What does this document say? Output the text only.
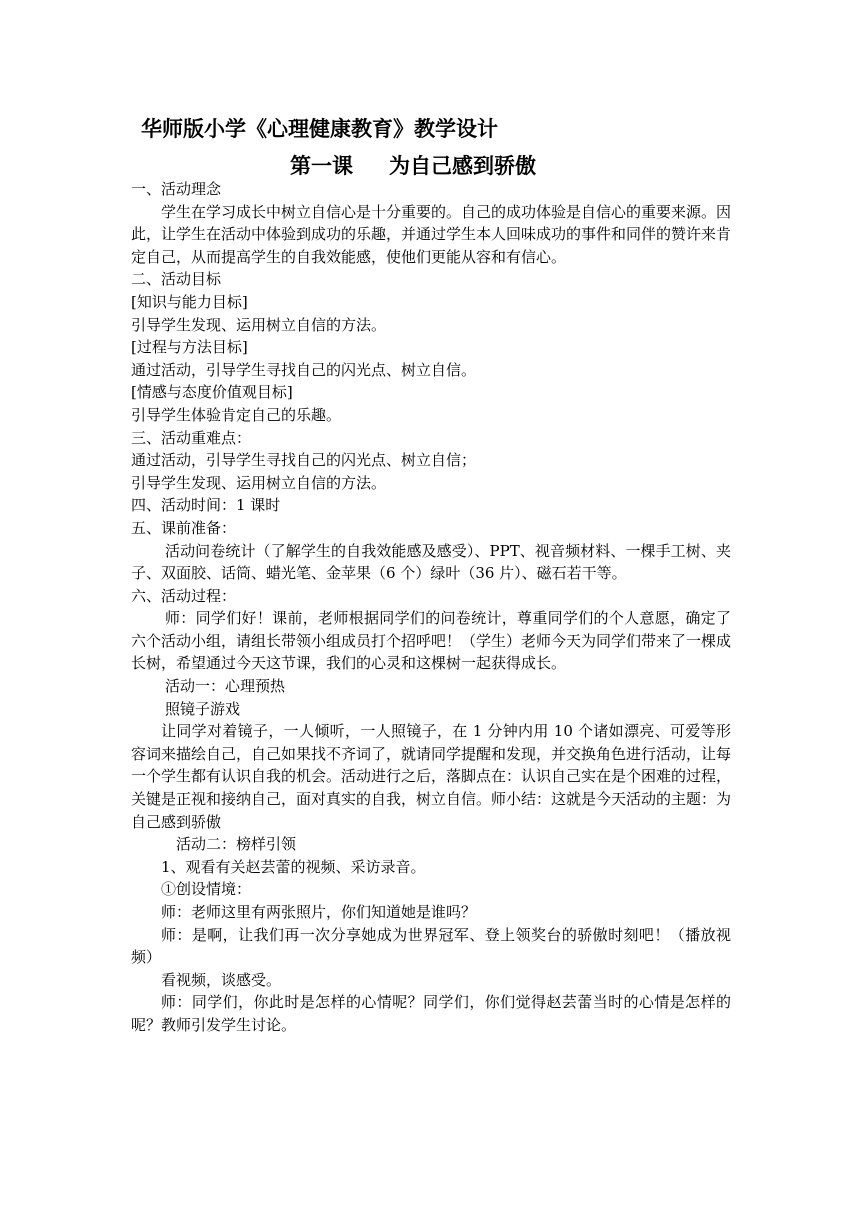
华师版小学《心理健康教育》教学设计
第一课 为自己感到骄傲

一、活动理念

学生在学习成长中树立自信心是十分重要的。自己的成功体验是自信心的重要来源。因此，让学生在活动中体验到成功的乐趣，并通过学生本人回味成功的事件和同伴的赞许来肯定自己，从而提高学生的自我效能感，使他们更能从容和有信心。

二、活动目标

[知识与能力目标]

引导学生发现、运用树立自信的方法。

[过程与方法目标]

通过活动，引导学生寻找自己的闪光点、树立自信。

[情感与态度价值观目标]

引导学生体验肯定自己的乐趣。

三、活动重难点：

通过活动，引导学生寻找自己的闪光点、树立自信；

引导学生发现、运用树立自信的方法。

四、活动时间：1 课时

五、课前准备：

活动问卷统计（了解学生的自我效能感及感受）、PPT、视音频材料、一棵手工树、夹子、双面胶、话筒、蜡光笔、金苹果（6 个）绿叶（36 片）、磁石若干等。

六、活动过程：

师：同学们好！课前，老师根据同学们的问卷统计，尊重同学们的个人意愿，确定了六个活动小组，请组长带领小组成员打个招呼吧！（学生）老师今天为同学们带来了一棵成长树，希望通过今天这节课，我们的心灵和这棵树一起获得成长。

活动一：心理预热

照镜子游戏

让同学对着镜子，一人倾听，一人照镜子，在 1 分钟内用 10 个诸如漂亮、可爱等形容词来描绘自己，自己如果找不齐词了，就请同学提醒和发现，并交换角色进行活动，让每一个学生都有认识自我的机会。活动进行之后，落脚点在：认识自己实在是个困难的过程，关键是正视和接纳自己，面对真实的自我，树立自信。师小结：这就是今天活动的主题：为自己感到骄傲

活动二：榜样引领

1、观看有关赵芸蕾的视频、采访录音。

①创设情境：

师：老师这里有两张照片，你们知道她是谁吗？

师：是啊，让我们再一次分享她成为世界冠军、登上领奖台的骄傲时刻吧！（播放视频）

看视频，谈感受。

师：同学们，你此时是怎样的心情呢？同学们，你们觉得赵芸蕾当时的心情是怎样的呢？教师引发学生讨论。
